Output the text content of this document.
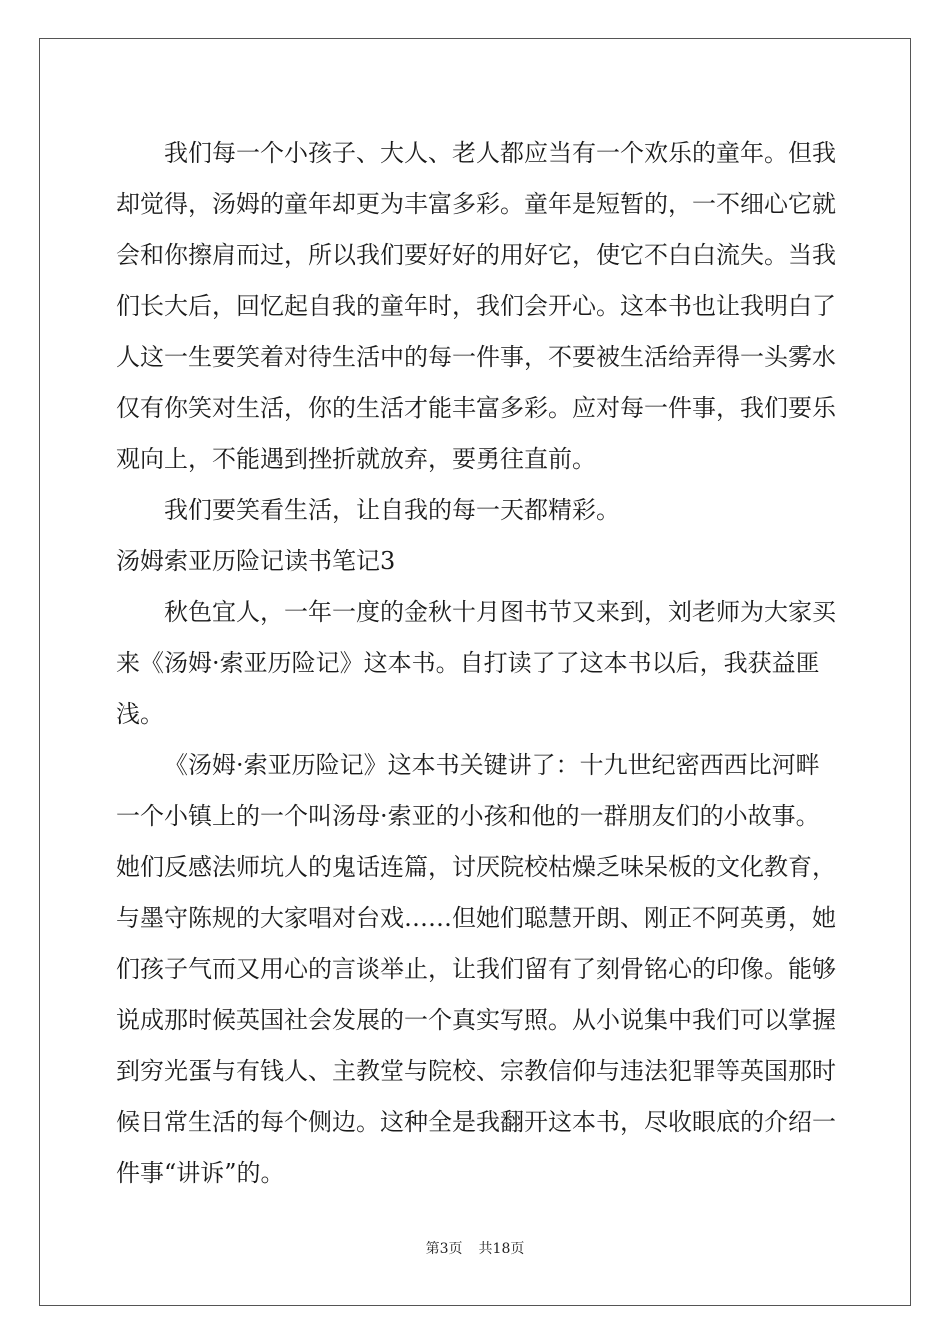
我们每一个小孩子、大人、老人都应当有一个欢乐的童年。但我
却觉得，汤姆的童年却更为丰富多彩。童年是短暂的，一不细心它就
会和你擦肩而过，所以我们要好好的用好它，使它不白白流失。当我
们长大后，回忆起自我的童年时，我们会开心。这本书也让我明白了
人这一生要笑着对待生活中的每一件事，不要被生活给弄得一头雾水
仅有你笑对生活，你的生活才能丰富多彩。应对每一件事，我们要乐
观向上，不能遇到挫折就放弃，要勇往直前。
我们要笑看生活，让自我的每一天都精彩。
汤姆索亚历险记读书笔记3
秋色宜人，一年一度的金秋十月图书节又来到，刘老师为大家买
来《汤姆·索亚历险记》这本书。自打读了了这本书以后，我获益匪
浅。
《汤姆·索亚历险记》这本书关键讲了：十九世纪密西西比河畔
一个小镇上的一个叫汤母·索亚的小孩和他的一群朋友们的小故事。
她们反感法师坑人的鬼话连篇，讨厌院校枯燥乏味呆板的文化教育，
与墨守陈规的大家唱对台戏……但她们聪慧开朗、刚正不阿英勇，她
们孩子气而又用心的言谈举止，让我们留有了刻骨铭心的印像。能够
说成那时候英国社会发展的一个真实写照。从小说集中我们可以掌握
到穷光蛋与有钱人、主教堂与院校、宗教信仰与违法犯罪等英国那时
候日常生活的每个侧边。这种全是我翻开这本书，尽收眼底的介绍一
件事“讲诉”的。
第3页 共18页
